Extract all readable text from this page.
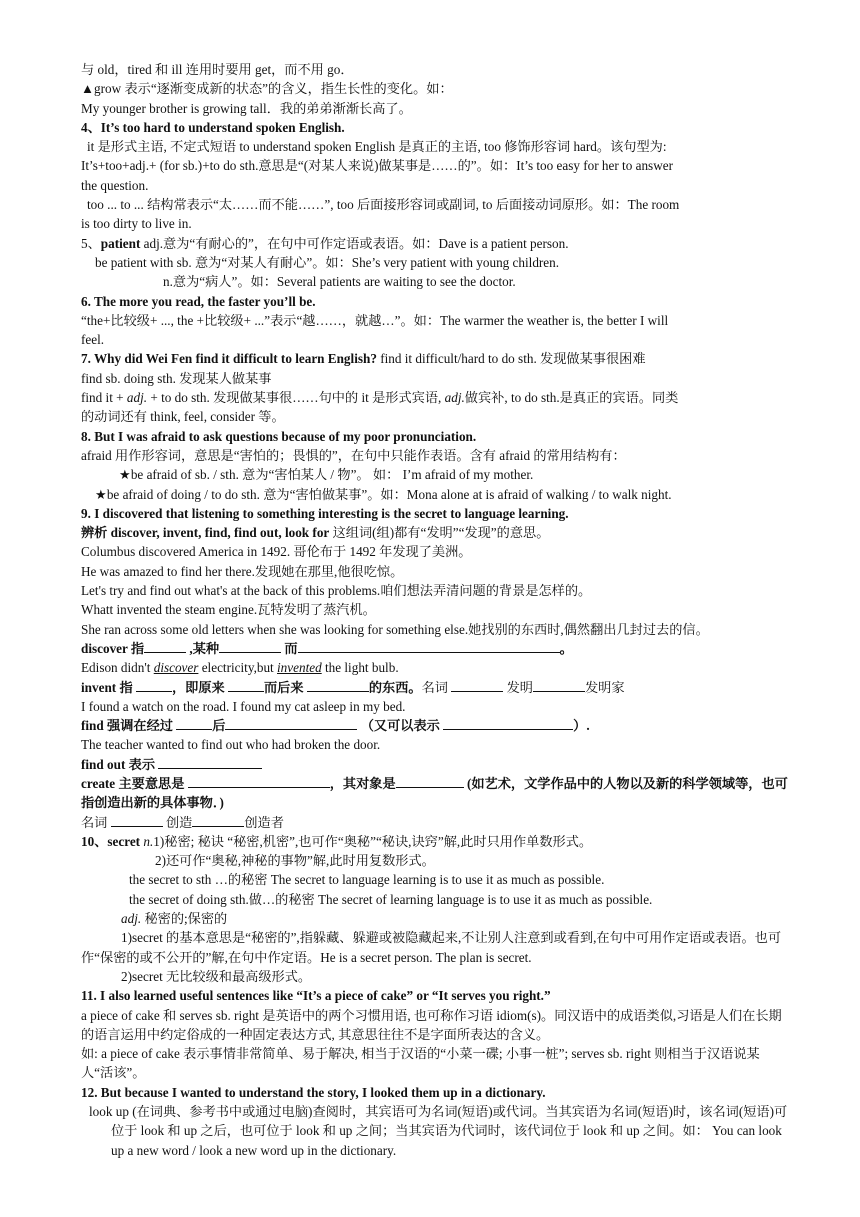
与 old，tired 和 ill 连用时要用 get，而不用 go．
▲grow 表示“逐渐变成新的状态”的含义，指生长性的变化。如：
My younger brother is growing tall．我的弟弟渐渐长高了。
4、It’s too hard to understand spoken English.
it 是形式主语, 不定式短语 to understand spoken English 是真正的主语, too 修饰形容词 hard。该句型为:
It’s+too+adj.+ (for sb.)+to do sth.意思是“(对某人来说)做某事是……的”。如：It’s too easy for her to answer
the question.
too ... to ... 结构常表示“太……而不能……”, too 后面接形容词或副词, to 后面接动词原形。如：The room
is too dirty to live in.
5、patient adj.意为“有耐心的”，在句中可作定语或表语。如：Dave is a patient person.
be patient with sb. 意为“对某人有耐心”。如：She’s very patient with young children.
n.意为“病人”。如：Several patients are waiting to see the doctor.
6. The more you read, the faster you’ll be.
“the+比较级+ ..., the +比较级+ ...”表示“越……，就越…”。如：The warmer the weather is, the better I will
feel.
7. Why did Wei Fen find it difficult to learn English? find it difficult/hard to do sth. 发现做某事很困难
find sb. doing sth. 发现某人做某事
find it + adj. + to do sth. 发现做某事很……句中的 it 是形式宾语, adj.做宾补, to do sth.是真正的宾语。同类
的动词还有 think, feel, consider 等。
8. But I was afraid to ask questions because of my poor pronunciation.
afraid 用作形容词，意思是“害怕的；畏惧的”，在句中只能作表语。含有 afraid 的常用结构有：
★be afraid of sb. / sth. 意为“害怕某人 / 物”。 如： I’m afraid of my mother.
★be afraid of doing / to do sth. 意为“害怕做某事”。如：Mona alone at is afraid of walking / to walk night.
9. I discovered that listening to something interesting is the secret to language learning.
辨析 discover, invent, find, find out, look for 这组词(组)都有“发明”“发现”的意思。
Columbus discovered America in 1492. 哥伦布于 1492 年发现了美洲。
He was amazed to find her there.发现她在那里,他很吃惊。
Let's try and find out what's at the back of this problems.咱们想法弄清问题的背景是怎样的。
Whatt invented the steam engine.瓦特发明了蒸汽机。
She ran across some old letters when she was looking for something else.她找别的东西时,偶然翻出几封过去的信。
discover 指	,某种	而	。
Edison didn't discover electricity,but invented the light bulb.
invent 指	，即原来	而后来	的东西。名词	发明	发明家
I found a watch on the road. I found my cat asleep in my bed.
find 强调在经过	后	（又可以表示	）.
The teacher wanted to find out who had broken the door.
find out 表示
create 主要意思是	，其对象是	(如艺术，文学作品中的人物以及新的科学领域等，也可指创造出新的具体事物．)
名词	创造	创造者
10、secret n.1)秘密; 秘诀 “秘密,机密”,也可作“奥秘”“秘诀,诀窍”解,此时只用作单数形式。
2)还可作“奥秘,神秘的事物”解,此时用复数形式。
the secret to sth …的秘密 The secret to language learning is to use it as much as possible.
the secret of doing sth.做…的秘密 The secret of learning language is to use it as much as possible.
adj. 秘密的;保密的
1)secret 的基本意思是“秘密的”,指躲藏、躲避或被隐藏起来,不让别人注意到或看到,在句中可用作定语或表语。也可作“保密的或不公开的”解,在句中作定语。He is a secret person. The plan is secret.
2)secret 无比较级和最高级形式。
11. I also learned useful sentences like “It’s a piece of cake” or “It serves you right.”
a piece of cake 和 serves sb. right 是英语中的两个习惯用语, 也可称作习语 idiom(s)。同汉语中的成语类似,习语是人们在长期的语言运用中约定俗成的一种固定表达方式, 其意思往往不是字面所表达的含义。
如: a piece of cake 表示事情非常简单、易于解决, 相当于汉语的“小菜一碟; 小事一桩”; serves sb. right 则相当于汉语说某人“活该”。
12. But because I wanted to understand the story, I looked them up in a dictionary.
look up (在词典、参考书中或通过电脑)查阅时，其宾语可为名词(短语)或代词。当其宾语为名词(短语)时，该名词(短语)可位于 look 和 up 之后，也可位于 look 和 up 之间；当其宾语为代词时，该代词位于 look 和 up 之间。如： You can look up a new word / look a new word up in the dictionary.
